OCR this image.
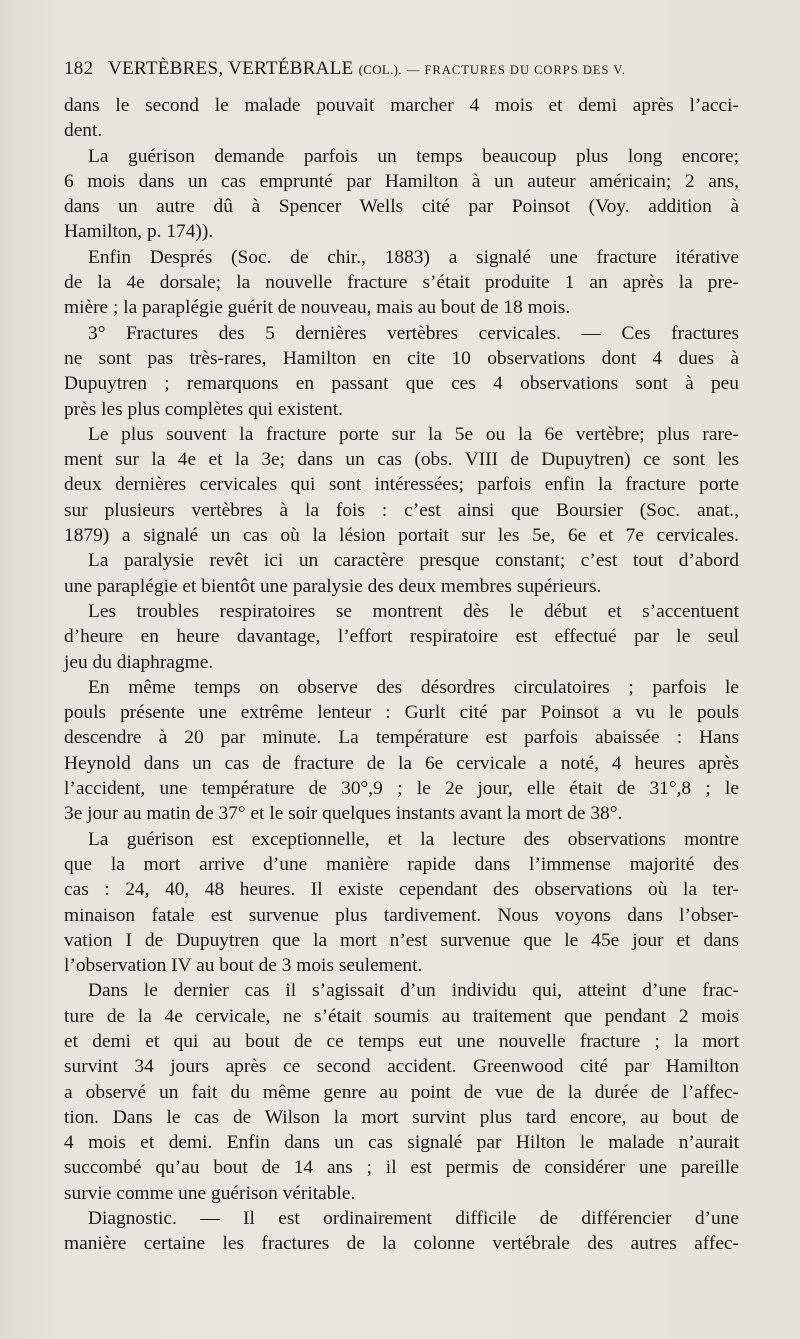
182 VERTÈBRES, VERTÉBRALE (COL.). — FRACTURES DU CORPS DES V.
dans le second le malade pouvait marcher 4 mois et demi après l’acci-
dent.
La guérison demande parfois un temps beaucoup plus long encore;
6 mois dans un cas emprunté par Hamilton à un auteur américain; 2 ans,
dans un autre dû à Spencer Wells cité par Poinsot (Voy. addition à
Hamilton, p. 174)).
Enfin Després (Soc. de chir., 1883) a signalé une fracture itérative
de la 4e dorsale; la nouvelle fracture s’était produite 1 an après la pre-
mière ; la paraplégie guérit de nouveau, mais au bout de 18 mois.
3° Fractures des 5 dernières vertèbres cervicales. — Ces fractures
ne sont pas très-rares, Hamilton en cite 10 observations dont 4 dues à
Dupuytren ; remarquons en passant que ces 4 observations sont à peu
près les plus complètes qui existent.
Le plus souvent la fracture porte sur la 5e ou la 6e vertèbre; plus rare-
ment sur la 4e et la 3e; dans un cas (obs. VIII de Dupuytren) ce sont les
deux dernières cervicales qui sont intéressées; parfois enfin la fracture porte
sur plusieurs vertèbres à la fois : c’est ainsi que Boursier (Soc. anat.,
1879) a signalé un cas où la lésion portait sur les 5e, 6e et 7e cervicales.
La paralysie revêt ici un caractère presque constant; c’est tout d’abord
une paraplégie et bientôt une paralysie des deux membres supérieurs.
Les troubles respiratoires se montrent dès le début et s’accentuent
d’heure en heure davantage, l’effort respiratoire est effectué par le seul
jeu du diaphragme.
En même temps on observe des désordres circulatoires ; parfois le
pouls présente une extrême lenteur : Gurlt cité par Poinsot a vu le pouls
descendre à 20 par minute. La température est parfois abaissée : Hans
Heynold dans un cas de fracture de la 6e cervicale a noté, 4 heures après
l’accident, une température de 30°,9 ; le 2e jour, elle était de 31°,8 ; le
3e jour au matin de 37° et le soir quelques instants avant la mort de 38°.
La guérison est exceptionnelle, et la lecture des observations montre
que la mort arrive d’une manière rapide dans l’immense majorité des
cas : 24, 40, 48 heures. Il existe cependant des observations où la ter-
minaison fatale est survenue plus tardivement. Nous voyons dans l’obser-
vation I de Dupuytren que la mort n’est survenue que le 45e jour et dans
l’observation IV au bout de 3 mois seulement.
Dans le dernier cas il s’agissait d’un individu qui, atteint d’une frac-
ture de la 4e cervicale, ne s’était soumis au traitement que pendant 2 mois
et demi et qui au bout de ce temps eut une nouvelle fracture ; la mort
survint 34 jours après ce second accident. Greenwood cité par Hamilton
a observé un fait du même genre au point de vue de la durée de l’affec-
tion. Dans le cas de Wilson la mort survint plus tard encore, au bout de
4 mois et demi. Enfin dans un cas signalé par Hilton le malade n’aurait
succombé qu’au bout de 14 ans ; il est permis de considérer une pareille
survie comme une guérison véritable.
Diagnostic. — Il est ordinairement difficile de différencier d’une
manière certaine les fractures de la colonne vertébrale des autres affec-
